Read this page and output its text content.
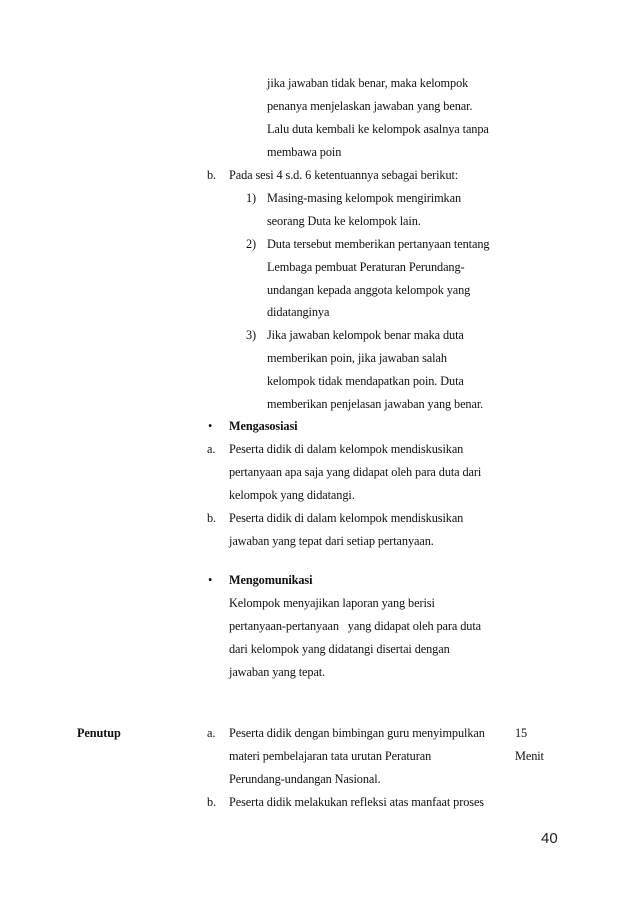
jika jawaban tidak benar, maka kelompok
penanya menjelaskan jawaban yang benar.
Lalu duta kembali ke kelompok asalnya tanpa
membawa poin
b. Pada sesi 4 s.d. 6 ketentuannya sebagai berikut:
1) Masing-masing kelompok mengirimkan
seorang Duta ke kelompok lain.
2) Duta tersebut memberikan pertanyaan tentang
Lembaga pembuat Peraturan Perundang-
undangan kepada anggota kelompok yang
didatanginya
3) Jika jawaban kelompok benar maka duta
memberikan poin, jika jawaban salah
kelompok tidak mendapatkan poin. Duta
memberikan penjelasan jawaban yang benar.
• Mengasosiasi
a. Peserta didik di dalam kelompok mendiskusikan
pertanyaan apa saja yang didapat oleh para duta dari
kelompok yang didatangi.
b. Peserta didik di dalam kelompok mendiskusikan
jawaban yang tepat dari setiap pertanyaan.
• Mengomunikasi
Kelompok menyajikan laporan yang berisi
pertanyaan-pertanyaan   yang didapat oleh para duta
dari kelompok yang didatangi disertai dengan
jawaban yang tepat.
Penutup	a. Peserta didik dengan bimbingan guru menyimpulkan
materi pembelajaran tata urutan Peraturan
Perundang-undangan Nasional.
b. Peserta didik melakukan refleksi atas manfaat proses
15
Menit
40
